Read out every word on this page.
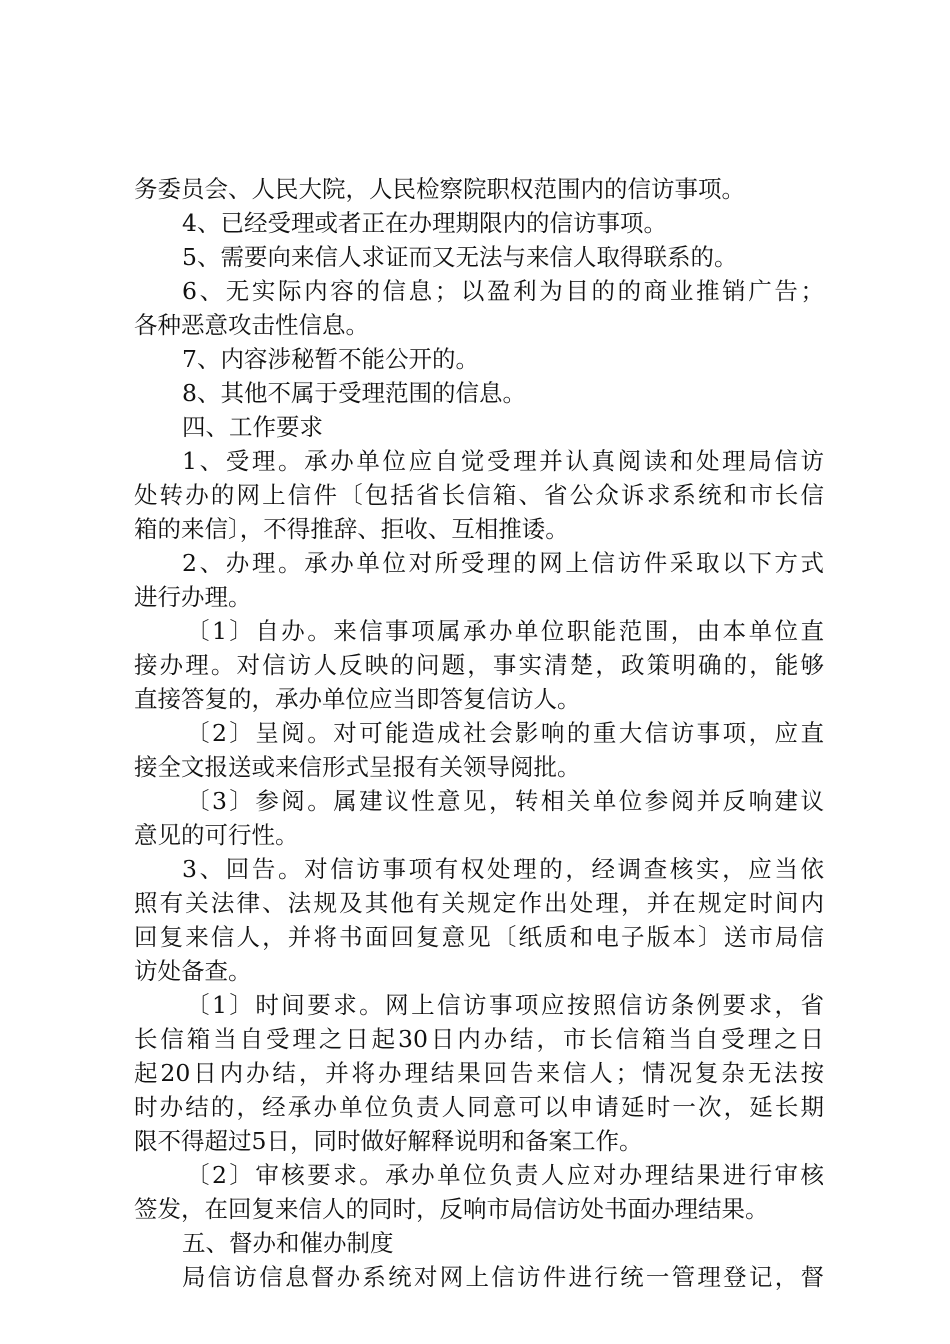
务委员会、人民大院，人民检察院职权范围内的信访事项。
4、已经受理或者正在办理期限内的信访事项。
5、需要向来信人求证而又无法与来信人取得联系的。
6、无实际内容的信息；以盈利为目的的商业推销广告；
各种恶意攻击性信息。
7、内容涉秘暂不能公开的。
8、其他不属于受理范围的信息。
四、工作要求
1、受理。承办单位应自觉受理并认真阅读和处理局信访
处转办的网上信件〔包括省长信箱、省公众诉求系统和市长信
箱的来信〕，不得推辞、拒收、互相推诿。
2、办理。承办单位对所受理的网上信访件采取以下方式
进行办理。
〔1〕自办。来信事项属承办单位职能范围，由本单位直
接办理。对信访人反映的问题，事实清楚，政策明确的，能够
直接答复的，承办单位应当即答复信访人。
〔2〕呈阅。对可能造成社会影响的重大信访事项，应直
接全文报送或来信形式呈报有关领导阅批。
〔3〕参阅。属建议性意见，转相关单位参阅并反响建议
意见的可行性。
3、回告。对信访事项有权处理的，经调查核实，应当依
照有关法律、法规及其他有关规定作出处理，并在规定时间内
回复来信人，并将书面回复意见〔纸质和电子版本〕送市局信
访处备查。
〔1〕时间要求。网上信访事项应按照信访条例要求，省
长信箱当自受理之日起30日内办结，市长信箱当自受理之日
起20日内办结，并将办理结果回告来信人；情况复杂无法按
时办结的，经承办单位负责人同意可以申请延时一次，延长期
限不得超过5日，同时做好解释说明和备案工作。
〔2〕审核要求。承办单位负责人应对办理结果进行审核
签发，在回复来信人的同时，反响市局信访处书面办理结果。
五、督办和催办制度
局信访信息督办系统对网上信访件进行统一管理登记，督
